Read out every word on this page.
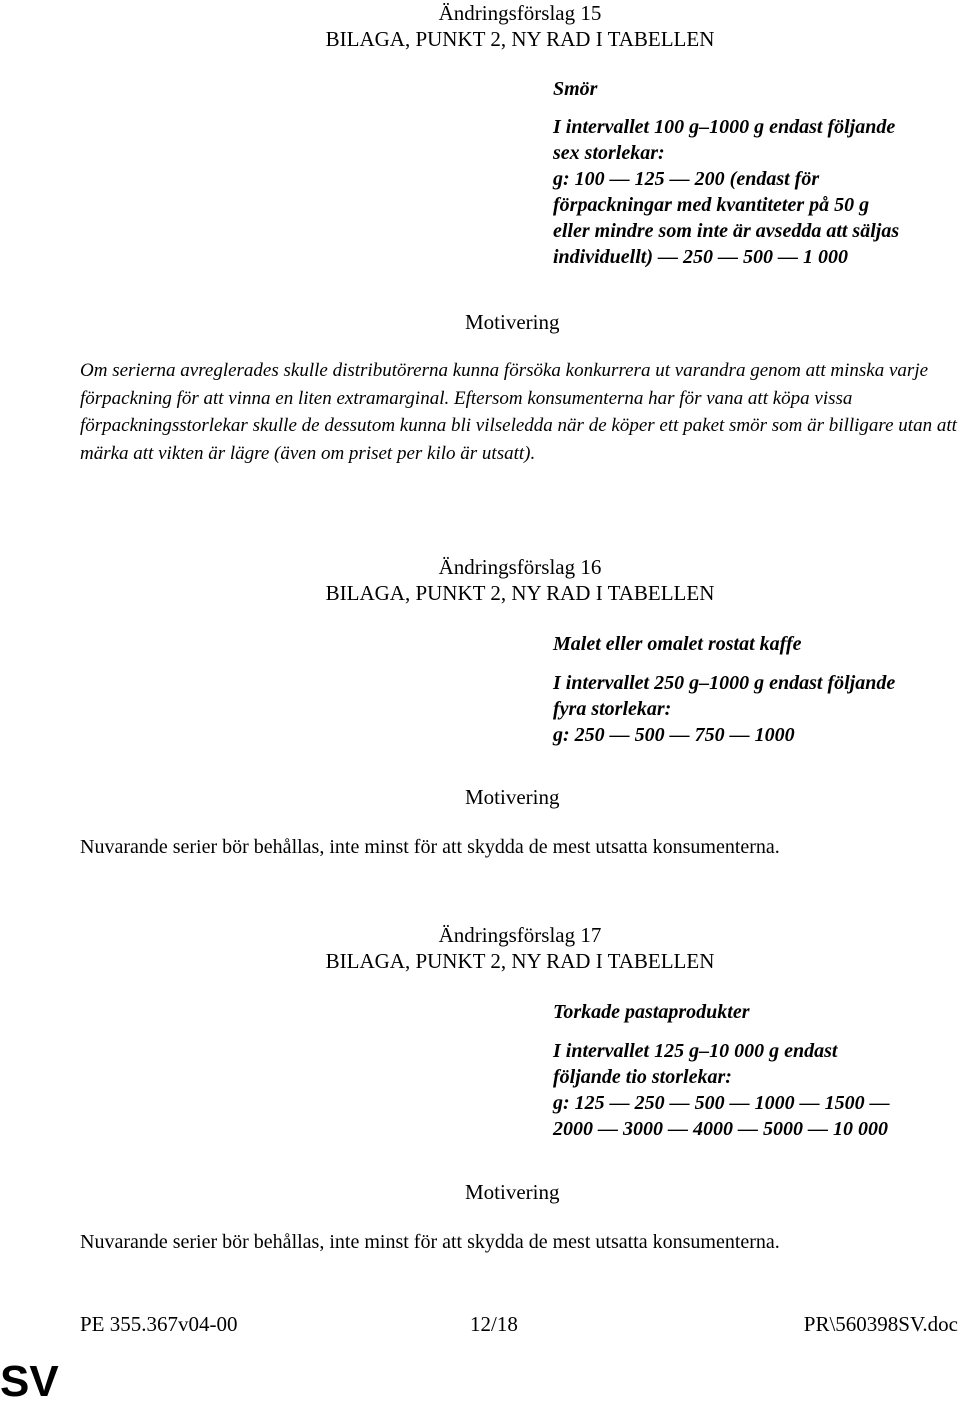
Ändringsförslag 15
BILAGA, PUNKT 2, NY RAD I TABELLEN
Smör
I intervallet 100 g–1000 g endast följande
sex storlekar:
g: 100 — 125 — 200 (endast för
förpackningar med kvantiteter på 50 g
eller mindre som inte är avsedda att säljas
individuellt) — 250 — 500 — 1 000
Motivering
Om serierna avreglerades skulle distributörerna kunna försöka konkurrera ut varandra genom att minska varje förpackning för att vinna en liten extramarginal. Eftersom konsumenterna har för vana att köpa vissa förpackningsstorlekar skulle de dessutom kunna bli vilseledda när de köper ett paket smör som är billigare utan att märka att vikten är lägre (även om priset per kilo är utsatt).
Ändringsförslag 16
BILAGA, PUNKT 2, NY RAD I TABELLEN
Malet eller omalet rostat kaffe
I intervallet 250 g–1000 g endast följande
fyra storlekar:
g: 250 — 500 — 750 — 1000
Motivering
Nuvarande serier bör behållas, inte minst för att skydda de mest utsatta konsumenterna.
Ändringsförslag 17
BILAGA, PUNKT 2, NY RAD I TABELLEN
Torkade pastaprodukter
I intervallet 125 g–10 000 g endast
följande tio storlekar:
g: 125 — 250 — 500 — 1000 — 1500 —
2000 — 3000 — 4000 — 5000 — 10 000
Motivering
Nuvarande serier bör behållas, inte minst för att skydda de mest utsatta konsumenterna.
PE 355.367v04-00	12/18	PR\560398SV.doc
SV
